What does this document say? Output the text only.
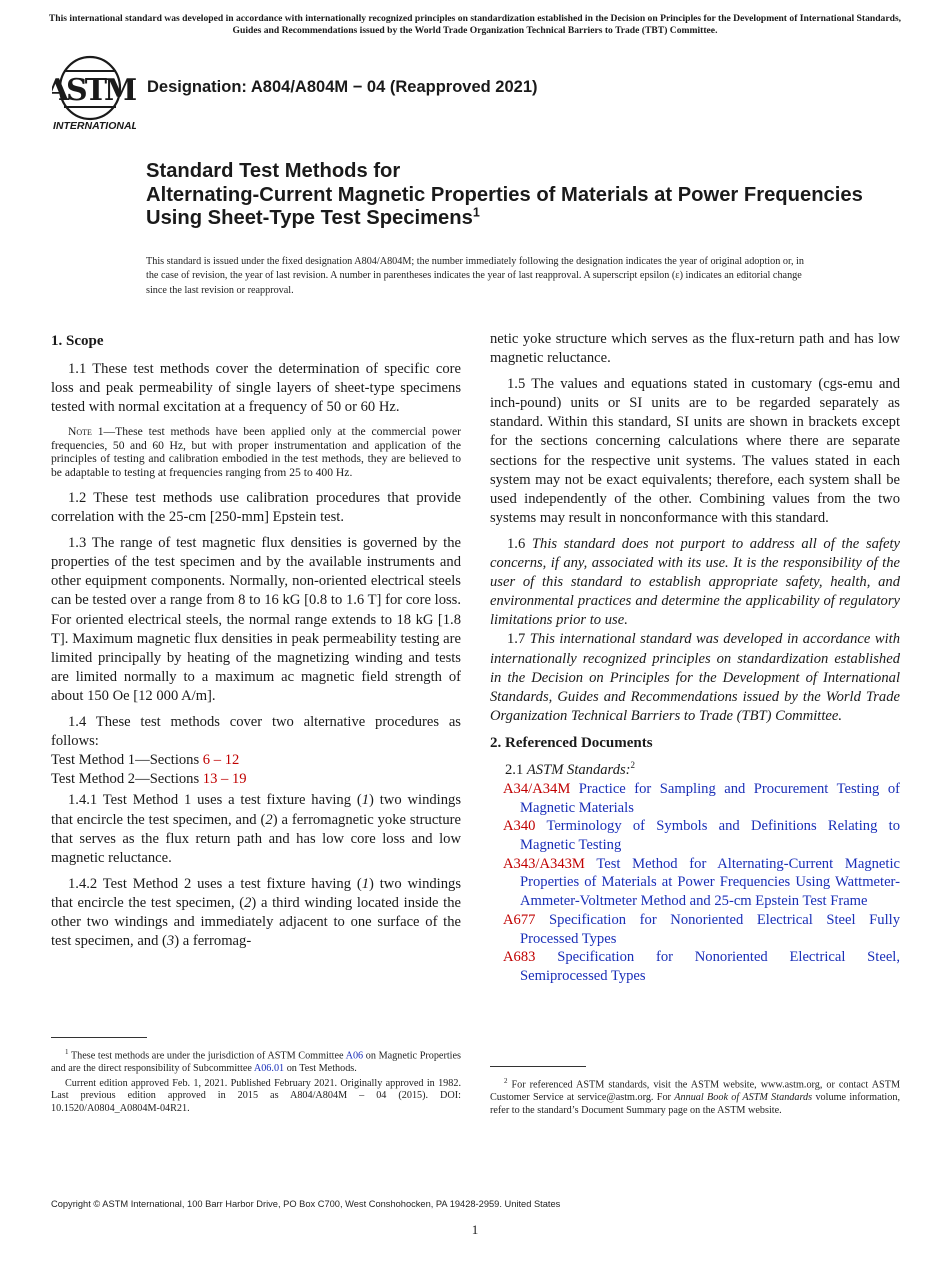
This international standard was developed in accordance with internationally recognized principles on standardization established in the Decision on Principles for the Development of International Standards, Guides and Recommendations issued by the World Trade Organization Technical Barriers to Trade (TBT) Committee.
ASTM
INTERNATIONAL
Designation: A804/A804M − 04 (Reapproved 2021)
Standard Test Methods for
Alternating-Current Magnetic Properties of Materials at Power Frequencies Using Sheet-Type Test Specimens$^1$
This standard is issued under the fixed designation A804/A804M; the number immediately following the designation indicates the year of original adoption or, in the case of revision, the year of last revision. A number in parentheses indicates the year of last reapproval. A superscript epsilon (ε) indicates an editorial change since the last revision or reapproval.

1. Scope

1.1 These test methods cover the determination of specific core loss and peak permeability of single layers of sheet-type specimens tested with normal excitation at a frequency of 50 or 60 Hz.

Note 1—These test methods have been applied only at the commercial power frequencies, 50 and 60 Hz, but with proper instrumentation and application of the principles of testing and calibration embodied in the test methods, they are believed to be adaptable to testing at frequencies ranging from 25 to 400 Hz.

1.2 These test methods use calibration procedures that provide correlation with the 25-cm [250-mm] Epstein test.

1.3 The range of test magnetic flux densities is governed by the properties of the test specimen and by the available instruments and other equipment components. Normally, non-oriented electrical steels can be tested over a range from 8 to 16 kG [0.8 to 1.6 T] for core loss. For oriented electrical steels, the normal range extends to 18 kG [1.8 T]. Maximum magnetic flux densities in peak permeability testing are limited principally by heating of the magnetizing winding and tests are limited normally to a maximum ac magnetic field strength of about 150 Oe [12 000 A/m].

1.4 These test methods cover two alternative procedures as follows:

Test Method 1—Sections 6 – 12

Test Method 2—Sections 13 – 19

1.4.1 Test Method 1 uses a test fixture having (1) two windings that encircle the test specimen, and (2) a ferromagnetic yoke structure that serves as the flux return path and has low core loss and low magnetic reluctance.

1.4.2 Test Method 2 uses a test fixture having (1) two windings that encircle the test specimen, (2) a third winding located inside the other two windings and immediately adjacent to one surface of the test specimen, and (3) a ferromag-

netic yoke structure which serves as the flux-return path and has low magnetic reluctance.

1.5 The values and equations stated in customary (cgs-emu and inch-pound) units or SI units are to be regarded separately as standard. Within this standard, SI units are shown in brackets except for the sections concerning calculations where there are separate sections for the respective unit systems. The values stated in each system may not be exact equivalents; therefore, each system shall be used independently of the other. Combining values from the two systems may result in nonconformance with this standard.

1.6 This standard does not purport to address all of the safety concerns, if any, associated with its use. It is the responsibility of the user of this standard to establish appropriate safety, health, and environmental practices and determine the applicability of regulatory limitations prior to use.

1.7 This international standard was developed in accordance with internationally recognized principles on standardization established in the Decision on Principles for the Development of International Standards, Guides and Recommendations issued by the World Trade Organization Technical Barriers to Trade (TBT) Committee.

2. Referenced Documents

2.1 ASTM Standards:$^2$

A34/A34M Practice for Sampling and Procurement Testing of Magnetic Materials

A340 Terminology of Symbols and Definitions Relating to Magnetic Testing

A343/A343M Test Method for Alternating-Current Magnetic Properties of Materials at Power Frequencies Using Wattmeter-Ammeter-Voltmeter Method and 25-cm Epstein Test Frame

A677 Specification for Nonoriented Electrical Steel Fully Processed Types

A683 Specification for Nonoriented Electrical Steel, Semiprocessed Types

$^1$ These test methods are under the jurisdiction of ASTM Committee A06 on Magnetic Properties and are the direct responsibility of Subcommittee A06.01 on Test Methods.

Current edition approved Feb. 1, 2021. Published February 2021. Originally approved in 1982. Last previous edition approved in 2015 as A804/A804M – 04 (2015). DOI: 10.1520/A0804_A0804M-04R21.

$^2$ For referenced ASTM standards, visit the ASTM website, www.astm.org, or contact ASTM Customer Service at service@astm.org. For Annual Book of ASTM Standards volume information, refer to the standard’s Document Summary page on the ASTM website.

Copyright © ASTM International, 100 Barr Harbor Drive, PO Box C700, West Conshohocken, PA 19428-2959. United States
1
